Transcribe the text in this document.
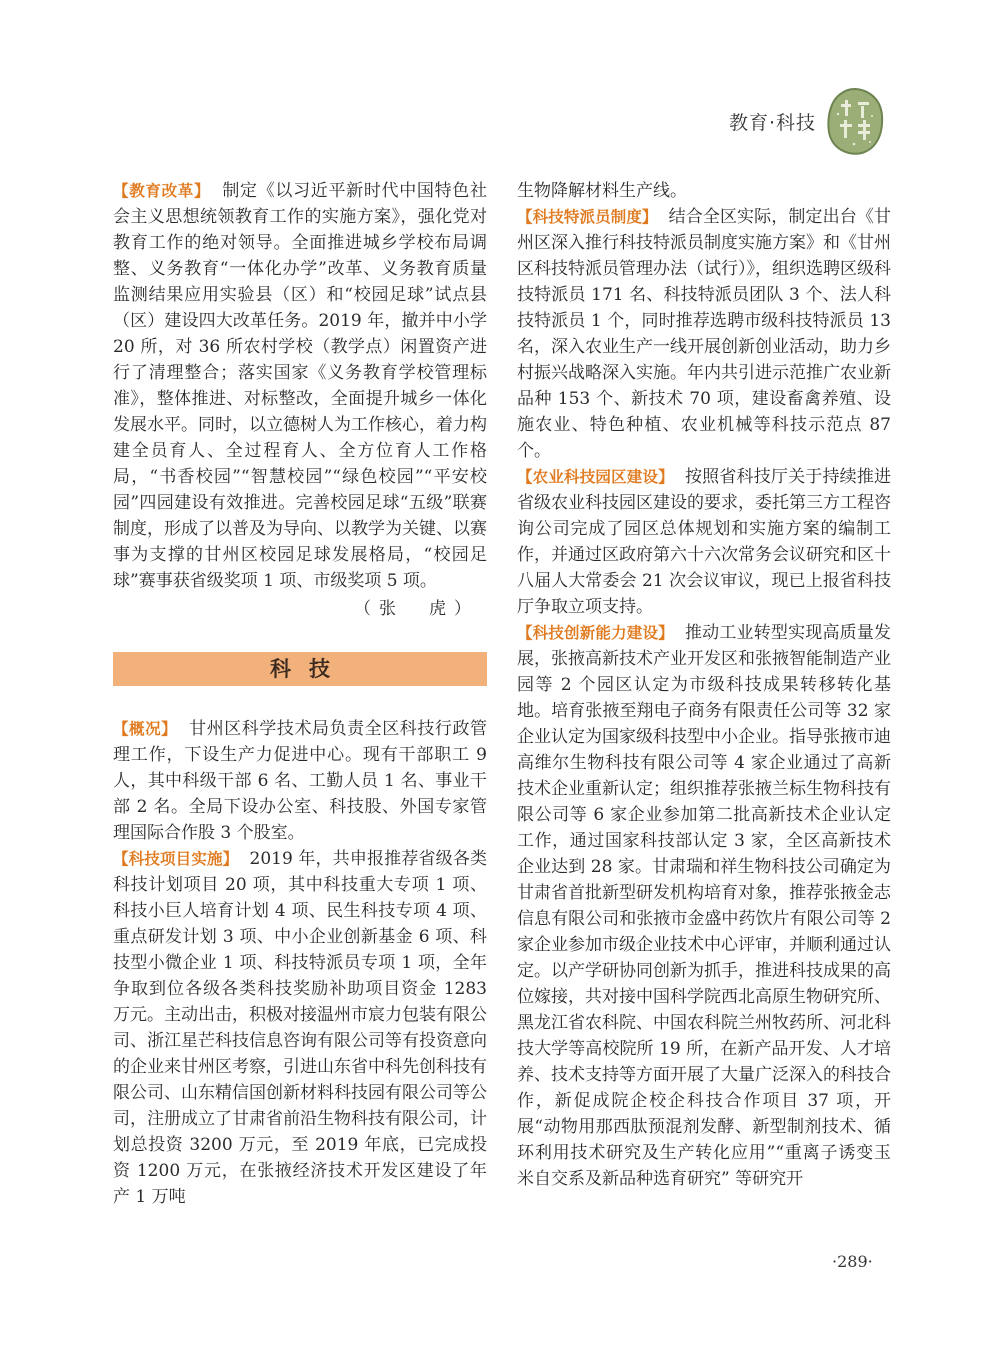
教育·科技

【教育改革】 制定《以习近平新时代中国特色社会主义思想统领教育工作的实施方案》，强化党对教育工作的绝对领导。全面推进城乡学校布局调整、义务教育“一体化办学”改革、义务教育质量监测结果应用实验县（区）和“校园足球”试点县（区）建设四大改革任务。2019 年，撤并中小学 20 所，对 36 所农村学校（教学点）闲置资产进行了清理整合；落实国家《义务教育学校管理标准》，整体推进、对标整改，全面提升城乡一体化发展水平。同时，以立德树人为工作核心，着力构建全员育人、全过程育人、全方位育人工作格局，“书香校园”“智慧校园”“绿色校园”“平安校园”四园建设有效推进。完善校园足球“五级”联赛制度，形成了以普及为导向、以教学为关键、以赛事为支撑的甘州区校园足球发展格局，“校园足球”赛事获省级奖项 1 项、市级奖项 5 项。

（张　虎）
科技

【概况】 甘州区科学技术局负责全区科技行政管理工作，下设生产力促进中心。现有干部职工 9 人，其中科级干部 6 名、工勤人员 1 名、事业干部 2 名。全局下设办公室、科技股、外国专家管理国际合作股 3 个股室。

【科技项目实施】 2019 年，共申报推荐省级各类科技计划项目 20 项，其中科技重大专项 1 项、科技小巨人培育计划 4 项、民生科技专项 4 项、重点研发计划 3 项、中小企业创新基金 6 项、科技型小微企业 1 项、科技特派员专项 1 项，全年争取到位各级各类科技奖励补助项目资金 1283 万元。主动出击，积极对接温州市宸力包装有限公司、浙江星芒科技信息咨询有限公司等有投资意向的企业来甘州区考察，引进山东省中科先创科技有限公司、山东精信国创新材料科技园有限公司等公司，注册成立了甘肃省前沿生物科技有限公司，计划总投资 3200 万元，至 2019 年底，已完成投资 1200 万元，在张掖经济技术开发区建设了年产 1 万吨

生物降解材料生产线。

【科技特派员制度】 结合全区实际，制定出台《甘州区深入推行科技特派员制度实施方案》和《甘州区科技特派员管理办法（试行）》，组织选聘区级科技特派员 171 名、科技特派员团队 3 个、法人科技特派员 1 个，同时推荐选聘市级科技特派员 13 名，深入农业生产一线开展创新创业活动，助力乡村振兴战略深入实施。年内共引进示范推广农业新品种 153 个、新技术 70 项，建设畜禽养殖、设施农业、特色种植、农业机械等科技示范点 87 个。

【农业科技园区建设】 按照省科技厅关于持续推进省级农业科技园区建设的要求，委托第三方工程咨询公司完成了园区总体规划和实施方案的编制工作，并通过区政府第六十六次常务会议研究和区十八届人大常委会 21 次会议审议，现已上报省科技厅争取立项支持。

【科技创新能力建设】 推动工业转型实现高质量发展，张掖高新技术产业开发区和张掖智能制造产业园等 2 个园区认定为市级科技成果转移转化基地。培育张掖至翔电子商务有限责任公司等 32 家企业认定为国家级科技型中小企业。指导张掖市迪高维尔生物科技有限公司等 4 家企业通过了高新技术企业重新认定；组织推荐张掖兰标生物科技有限公司等 6 家企业参加第二批高新技术企业认定工作，通过国家科技部认定 3 家，全区高新技术企业达到 28 家。甘肃瑞和祥生物科技公司确定为甘肃省首批新型研发机构培育对象，推荐张掖金志信息有限公司和张掖市金盛中药饮片有限公司等 2 家企业参加市级企业技术中心评审，并顺利通过认定。以产学研协同创新为抓手，推进科技成果的高位嫁接，共对接中国科学院西北高原生物研究所、黑龙江省农科院、中国农科院兰州牧药所、河北科技大学等高校院所 19 所，在新产品开发、人才培养、技术支持等方面开展了大量广泛深入的科技合作，新促成院企校企科技合作项目 37 项，开展“动物用那西肽预混剂发酵、新型制剂技术、循环利用技术研究及生产转化应用”“重离子诱变玉米自交系及新品种选育研究” 等研究开

·289·
